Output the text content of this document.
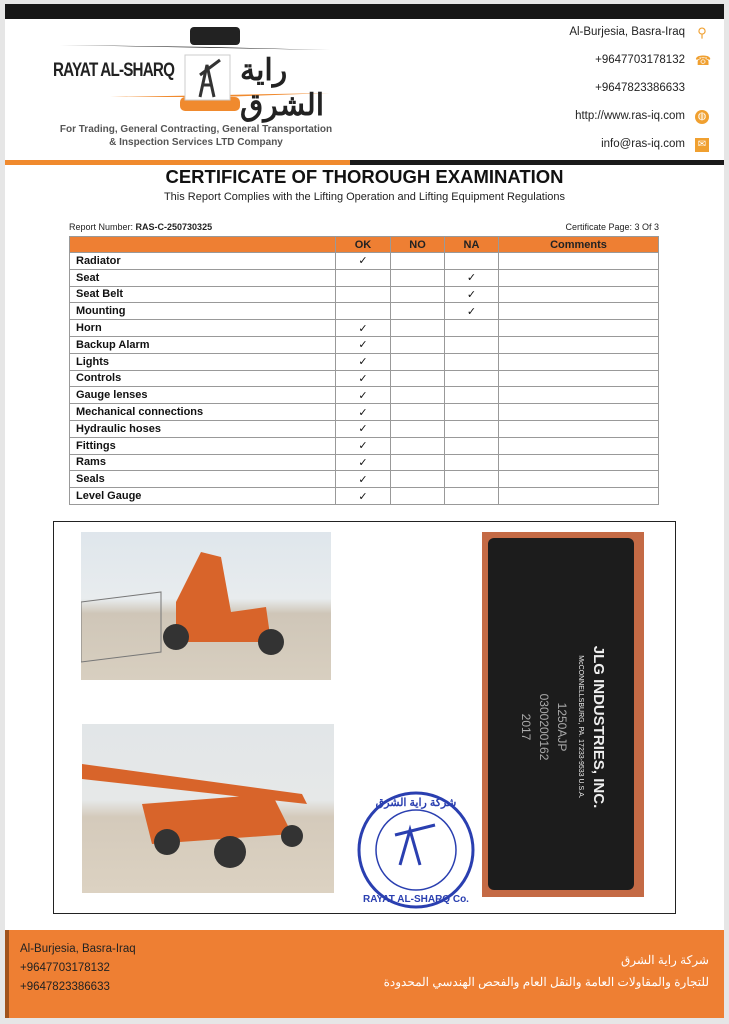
RAYAT AL-SHARQ راية الشرق
For Trading, General Contracting, General Transportation
& Inspection Services LTD Company
Al-Burjesia, Basra-Iraq ⚲
+9647703178132 ☎
+9647823386633
http://www.ras-iq.com ◍
info@ras-iq.com ✉
CERTIFICATE OF THOROUGH EXAMINATION
This Report Complies with the Lifting Operation and Lifting Equipment Regulations
Report Number: RAS-C-250730325	Certificate Page: 3 Of 3
	OK	NO	NA	Comments
Radiator	✓			
Seat			✓	
Seat Belt			✓	
Mounting			✓	
Horn	✓			
Backup Alarm	✓			
Lights	✓			
Controls	✓			
Gauge lenses	✓			
Mechanical connections	✓			
Hydraulic hoses	✓			
Fittings	✓			
Rams	✓			
Seals	✓			
Level Gauge	✓			
شركة راية الشرق
RAYAT AL-SHARQ Co.
JLG INDUSTRIES, INC.
McCONNELLSBURG, PA. 17233-9533 U.S.A.
1250AJP
0300200162
2017
Al-Burjesia, Basra-Iraq
+9647703178132
+9647823386633
شركة راية الشرق
للتجارة والمقاولات العامة والنقل العام والفحص الهندسي المحدودة
